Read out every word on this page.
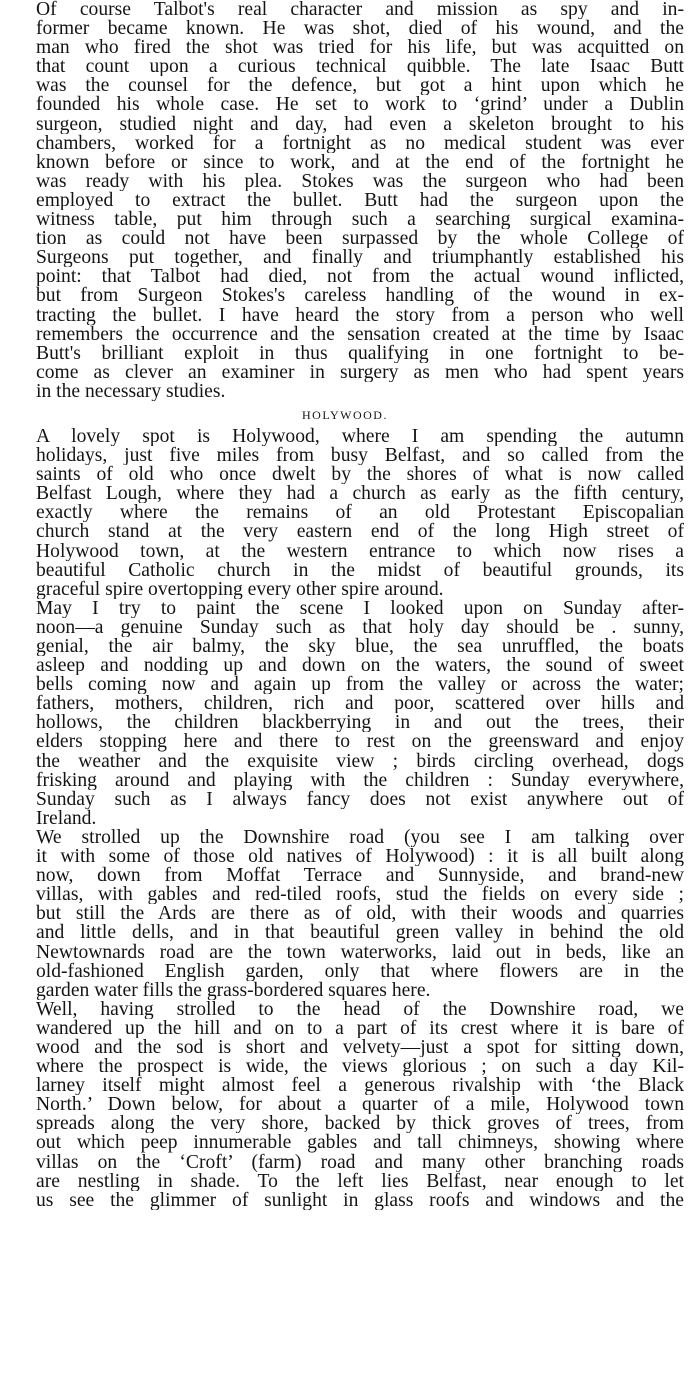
Of course Talbot's real character and mission as spy and in-
former became known. He was shot, died of his wound, and the
man who fired the shot was tried for his life, but was acquitted on
that count upon a curious technical quibble. The late Isaac Butt
was the counsel for the defence, but got a hint upon which he
founded his whole case. He set to work to ‘grind’ under a Dublin
surgeon, studied night and day, had even a skeleton brought to his
chambers, worked for a fortnight as no medical student was ever
known before or since to work, and at the end of the fortnight he
was ready with his plea. Stokes was the surgeon who had been
employed to extract the bullet. Butt had the surgeon upon the
witness table, put him through such a searching surgical examina-
tion as could not have been surpassed by the whole College of
Surgeons put together, and finally and triumphantly established his
point: that Talbot had died, not from the actual wound inflicted,
but from Surgeon Stokes's careless handling of the wound in ex-
tracting the bullet. I have heard the story from a person who well
remembers the occurrence and the sensation created at the time by Isaac
Butt's brilliant exploit in thus qualifying in one fortnight to be-
come as clever an examiner in surgery as men who had spent years
in the necessary studies.
HOLYWOOD.
A lovely spot is Holywood, where I am spending the autumn
holidays, just five miles from busy Belfast, and so called from the
saints of old who once dwelt by the shores of what is now called
Belfast Lough, where they had a church as early as the fifth century,
exactly where the remains of an old Protestant Episcopalian
church stand at the very eastern end of the long High street of
Holywood town, at the western entrance to which now rises a
beautiful Catholic church in the midst of beautiful grounds, its
graceful spire overtopping every other spire around.
May I try to paint the scene I looked upon on Sunday after-
noon—a genuine Sunday such as that holy day should be . sunny,
genial, the air balmy, the sky blue, the sea unruffled, the boats
asleep and nodding up and down on the waters, the sound of sweet
bells coming now and again up from the valley or across the water;
fathers, mothers, children, rich and poor, scattered over hills and
hollows, the children blackberrying in and out the trees, their
elders stopping here and there to rest on the greensward and enjoy
the weather and the exquisite view ; birds circling overhead, dogs
frisking around and playing with the children : Sunday everywhere,
Sunday such as I always fancy does not exist anywhere out of
Ireland.
We strolled up the Downshire road (you see I am talking over
it with some of those old natives of Holywood) : it is all built along
now, down from Moffat Terrace and Sunnyside, and brand-new
villas, with gables and red-tiled roofs, stud the fields on every side ;
but still the Ards are there as of old, with their woods and quarries
and little dells, and in that beautiful green valley in behind the old
Newtownards road are the town waterworks, laid out in beds, like an
old-fashioned English garden, only that where flowers are in the
garden water fills the grass-bordered squares here.
Well, having strolled to the head of the Downshire road, we
wandered up the hill and on to a part of its crest where it is bare of
wood and the sod is short and velvety—just a spot for sitting down,
where the prospect is wide, the views glorious ; on such a day Kil-
larney itself might almost feel a generous rivalship with ‘the Black
North.’ Down below, for about a quarter of a mile, Holywood town
spreads along the very shore, backed by thick groves of trees, from
out which peep innumerable gables and tall chimneys, showing where
villas on the ‘Croft’ (farm) road and many other branching roads
are nestling in shade. To the left lies Belfast, near enough to let
us see the glimmer of sunlight in glass roofs and windows and the
